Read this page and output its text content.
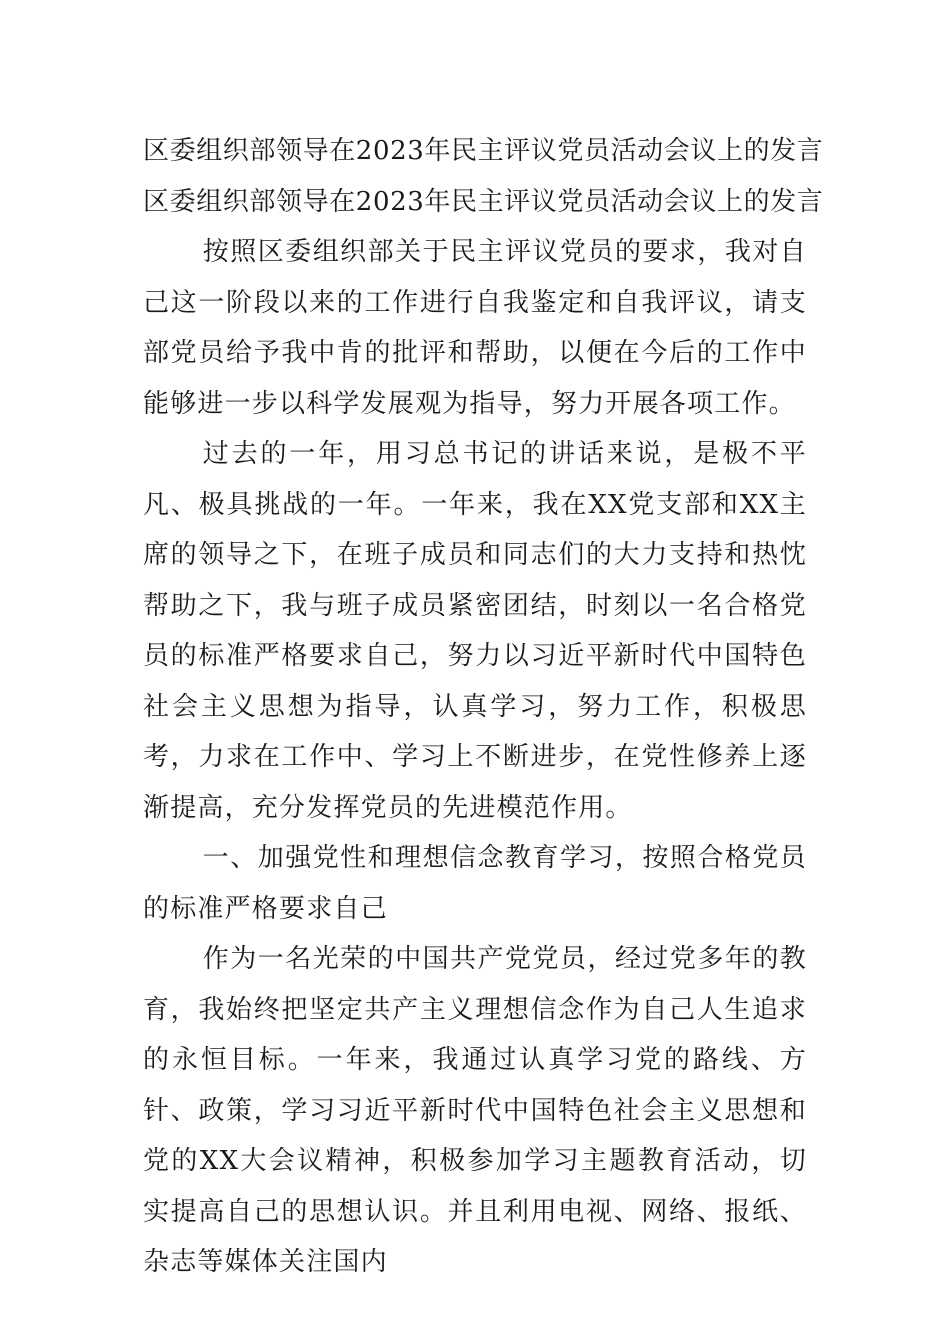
区委组织部领导在2023年民主评议党员活动会议上的发言

区委组织部领导在2023年民主评议党员活动会议上的发言

按照区委组织部关于民主评议党员的要求，我对自己这一阶段以来的工作进行自我鉴定和自我评议，请支部党员给予我中肯的批评和帮助，以便在今后的工作中能够进一步以科学发展观为指导，努力开展各项工作。

过去的一年，用习总书记的讲话来说，是极不平凡、极具挑战的一年。一年来，我在XX党支部和XX主席的领导之下，在班子成员和同志们的大力支持和热忱帮助之下，我与班子成员紧密团结，时刻以一名合格党员的标准严格要求自己，努力以习近平新时代中国特色社会主义思想为指导，认真学习，努力工作，积极思考，力求在工作中、学习上不断进步，在党性修养上逐渐提高，充分发挥党员的先进模范作用。

一、加强党性和理想信念教育学习，按照合格党员的标准严格要求自己

作为一名光荣的中国共产党党员，经过党多年的教育，我始终把坚定共产主义理想信念作为自己人生追求的永恒目标。一年来，我通过认真学习党的路线、方针、政策，学习习近平新时代中国特色社会主义思想和党的XX大会议精神，积极参加学习主题教育活动，切实提高自己的思想认识。并且利用电视、网络、报纸、杂志等媒体关注国内
